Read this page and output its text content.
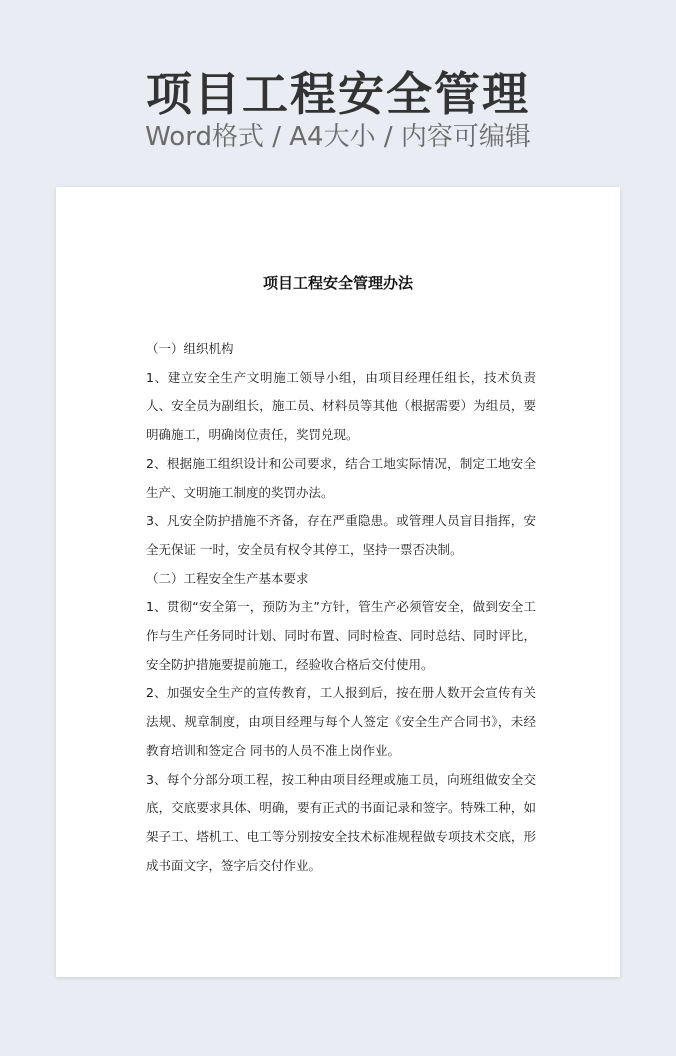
项目工程安全管理
Word格式 / A4大小 / 内容可编辑
项目工程安全管理办法

（一）组织机构

1、建立安全生产文明施工领导小组，由项目经理任组长，技术负责人、安全员为副组长，施工员、材料员等其他（根据需要）为组员，要明确施工，明确岗位责任，奖罚兑现。

2、根据施工组织设计和公司要求，结合工地实际情况，制定工地安全生产、文明施工制度的奖罚办法。

3、凡安全防护措施不齐备，存在严重隐患。或管理人员盲目指挥，安全无保证 一时，安全员有权令其停工，坚持一票否决制。

（二）工程安全生产基本要求

1、贯彻“安全第一，预防为主”方针，管生产必须管安全，做到安全工作与生产任务同时计划、同时布置、同时检查、同时总结、同时评比，安全防护措施要提前施工，经验收合格后交付使用。

2、加强安全生产的宣传教育，工人报到后，按在册人数开会宣传有关法规、规章制度，由项目经理与每个人签定《安全生产合同书》，未经教育培训和签定合 同书的人员不准上岗作业。

3、每个分部分项工程，按工种由项目经理或施工员，向班组做安全交底，交底要求具体、明确，要有正式的书面记录和签字。特殊工种，如架子工、塔机工、电工等分别按安全技术标准规程做专项技术交底，形成书面文字，签字后交付作业。
